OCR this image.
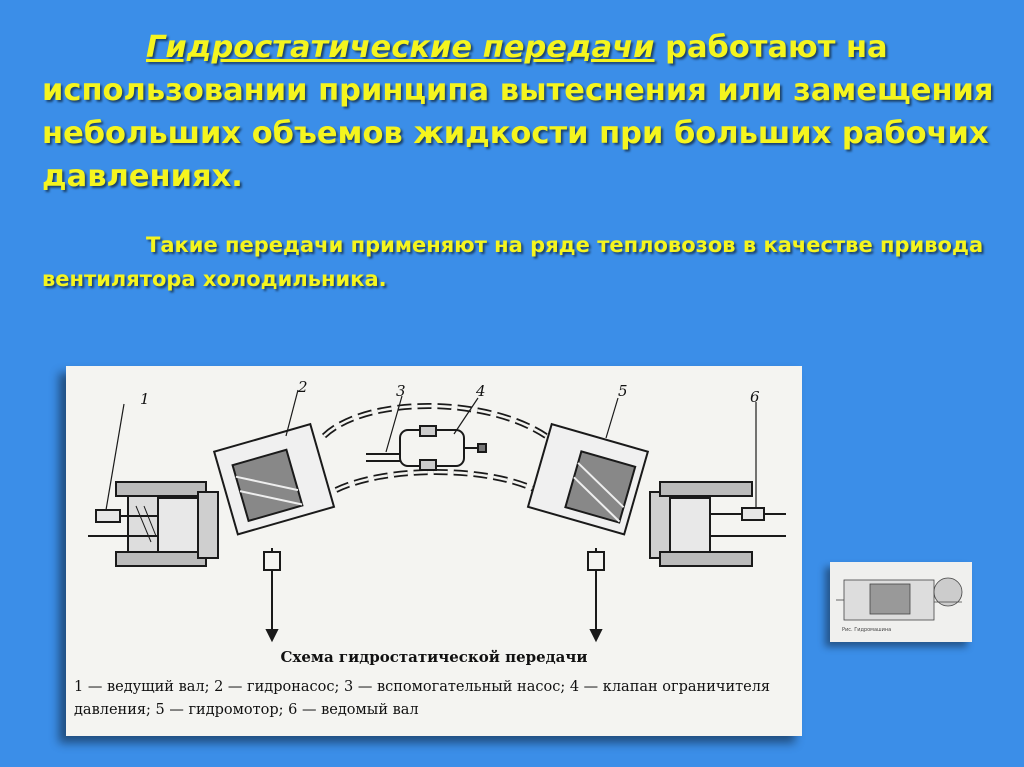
Гидростатические передачи работают на использовании принципа вытеснения или замещения небольших объемов жидкости при больших рабочих давлениях.
Такие передачи применяют на ряде тепловозов в качестве привода вентилятора холодильника.
1
2	3	4	5	6
Схема гидростатической передачи
1 — ведущий вал; 2 — гидронасос; 3 — вспомогательный насос; 4 — клапан ограничителя давления; 5 — гидромотор; 6 — ведомый вал
Рис. Гидромашина
